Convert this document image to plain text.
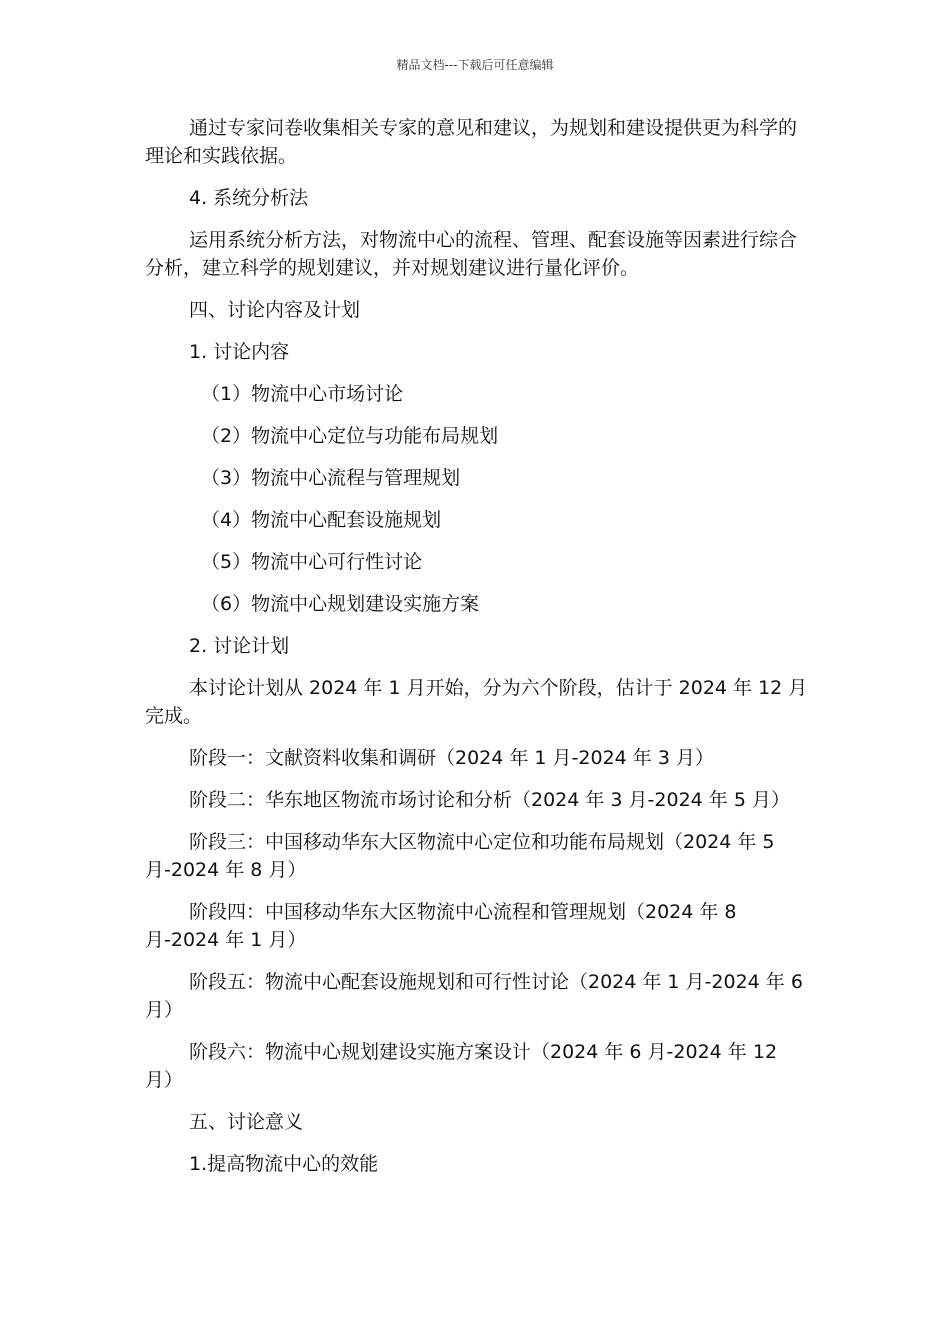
精品文档---下载后可任意编辑
通过专家问卷收集相关专家的意见和建议，为规划和建设提供更为科学的理论和实践依据。
4. 系统分析法
运用系统分析方法，对物流中心的流程、管理、配套设施等因素进行综合分析，建立科学的规划建议，并对规划建议进行量化评价。
四、讨论内容及计划
1. 讨论内容
（1）物流中心市场讨论
（2）物流中心定位与功能布局规划
（3）物流中心流程与管理规划
（4）物流中心配套设施规划
（5）物流中心可行性讨论
（6）物流中心规划建设实施方案
2. 讨论计划
本讨论计划从 2024 年 1 月开始，分为六个阶段，估计于 2024 年 12 月完成。
阶段一：文献资料收集和调研（2024 年 1 月-2024 年 3 月）
阶段二：华东地区物流市场讨论和分析（2024 年 3 月-2024 年 5 月）
阶段三：中国移动华东大区物流中心定位和功能布局规划（2024 年 5 月-2024 年 8 月）
阶段四：中国移动华东大区物流中心流程和管理规划（2024 年 8 月-2024 年 1 月）
阶段五：物流中心配套设施规划和可行性讨论（2024 年 1 月-2024 年 6 月）
阶段六：物流中心规划建设实施方案设计（2024 年 6 月-2024 年 12 月）
五、讨论意义
1.提高物流中心的效能
